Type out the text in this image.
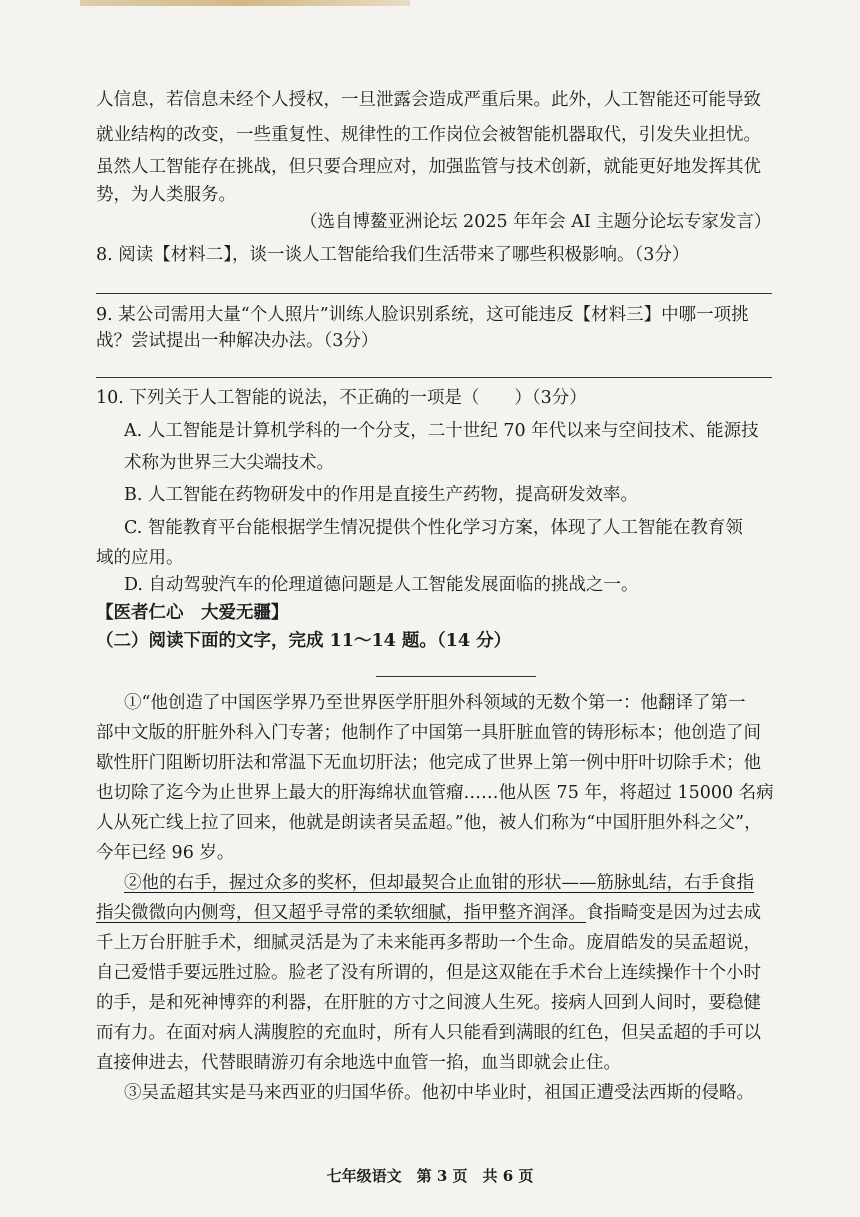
人信息，若信息未经个人授权，一旦泄露会造成严重后果。此外，人工智能还可能导致
就业结构的改变，一些重复性、规律性的工作岗位会被智能机器取代，引发失业担忧。
虽然人工智能存在挑战，但只要合理应对，加强监管与技术创新，就能更好地发挥其优
势，为人类服务。
（选自博鳌亚洲论坛 2025 年年会 AI 主题分论坛专家发言）
8. 阅读【材料二】，谈一谈人工智能给我们生活带来了哪些积极影响。（3分）
9. 某公司需用大量“个人照片”训练人脸识别系统，这可能违反【材料三】中哪一项挑
战？尝试提出一种解决办法。（3分）
10. 下列关于人工智能的说法，不正确的一项是（　　）（3分）
A. 人工智能是计算机学科的一个分支，二十世纪 70 年代以来与空间技术、能源技
术称为世界三大尖端技术。
B. 人工智能在药物研发中的作用是直接生产药物，提高研发效率。
C. 智能教育平台能根据学生情况提供个性化学习方案，体现了人工智能在教育领
域的应用。
D. 自动驾驶汽车的伦理道德问题是人工智能发展面临的挑战之一。
【医者仁心　大爱无疆】
（二）阅读下面的文字，完成 11～14 题。（14 分）
①“他创造了中国医学界乃至世界医学肝胆外科领域的无数个第一：他翻译了第一
部中文版的肝脏外科入门专著；他制作了中国第一具肝脏血管的铸形标本；他创造了间
歇性肝门阻断切肝法和常温下无血切肝法；他完成了世界上第一例中肝叶切除手术；他
也切除了迄今为止世界上最大的肝海绵状血管瘤……他从医 75 年，将超过 15000 名病
人从死亡线上拉了回来，他就是朗读者吴孟超。”他，被人们称为“中国肝胆外科之父”，
今年已经 96 岁。
②他的右手，握过众多的奖杯，但却最契合止血钳的形状——筋脉虬结，右手食指
指尖微微向内侧弯，但又超乎寻常的柔软细腻，指甲整齐润泽。食指畸变是因为过去成
千上万台肝脏手术，细腻灵活是为了未来能再多帮助一个生命。庞眉皓发的吴孟超说，
自己爱惜手要远胜过脸。脸老了没有所谓的，但是这双能在手术台上连续操作十个小时
的手，是和死神博弈的利器，在肝脏的方寸之间渡人生死。接病人回到人间时，要稳健
而有力。在面对病人满腹腔的充血时，所有人只能看到满眼的红色，但吴孟超的手可以
直接伸进去，代替眼睛游刃有余地选中血管一掐，血当即就会止住。
③吴孟超其实是马来西亚的归国华侨。他初中毕业时，祖国正遭受法西斯的侵略。
七年级语文　第 3 页　共 6 页
